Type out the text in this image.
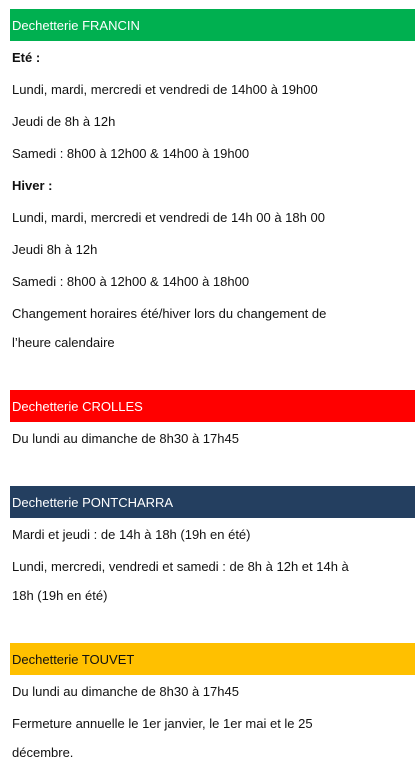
Dechetterie FRANCIN
Eté :
Lundi, mardi, mercredi et vendredi de 14h00 à 19h00
Jeudi de 8h à 12h
Samedi : 8h00 à 12h00 & 14h00 à 19h00
Hiver :
Lundi, mardi, mercredi et vendredi de 14h 00 à 18h 00
Jeudi 8h à 12h
Samedi : 8h00 à 12h00 & 14h00 à 18h00
Changement horaires été/hiver lors du changement de
l’heure calendaire
Dechetterie CROLLES
Du lundi au dimanche de 8h30 à 17h45
Dechetterie PONTCHARRA
Mardi et jeudi : de 14h à 18h (19h en été)
Lundi, mercredi, vendredi et samedi : de 8h à 12h et 14h à
18h (19h en été)
Dechetterie TOUVET
Du lundi au dimanche de 8h30 à 17h45
Fermeture annuelle le 1er janvier, le 1er mai et le 25
décembre.
